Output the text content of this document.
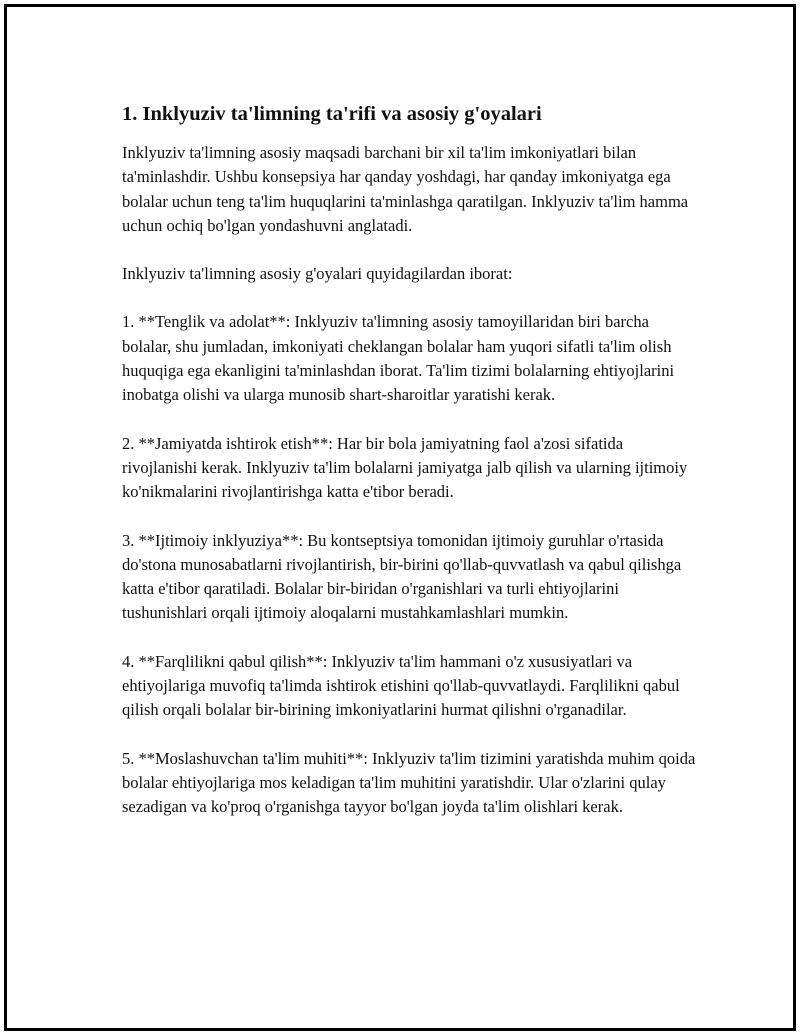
1. Inklyuziv ta'limning ta'rifi va asosiy g'oyalari

Inklyuziv ta'limning asosiy maqsadi barchani bir xil ta'lim imkoniyatlari bilan ta'minlashdir. Ushbu konsepsiya har qanday yoshdagi, har qanday imkoniyatga ega bolalar uchun teng ta'lim huquqlarini ta'minlashga qaratilgan. Inklyuziv ta'lim hamma uchun ochiq bo'lgan yondashuvni anglatadi.

Inklyuziv ta'limning asosiy g'oyalari quyidagilardan iborat:

1. **Tenglik va adolat**: Inklyuziv ta'limning asosiy tamoyillaridan biri barcha bolalar, shu jumladan, imkoniyati cheklangan bolalar ham yuqori sifatli ta'lim olish huquqiga ega ekanligini ta'minlashdan iborat. Ta'lim tizimi bolalarning ehtiyojlarini inobatga olishi va ularga munosib shart-sharoitlar yaratishi kerak.

2. **Jamiyatda ishtirok etish**: Har bir bola jamiyatning faol a'zosi sifatida rivojlanishi kerak. Inklyuziv ta'lim bolalarni jamiyatga jalb qilish va ularning ijtimoiy ko'nikmalarini rivojlantirishga katta e'tibor beradi.

3. **Ijtimoiy inklyuziya**: Bu kontseptsiya tomonidan ijtimoiy guruhlar o'rtasida do'stona munosabatlarni rivojlantirish, bir-birini qo'llab-quvvatlash va qabul qilishga katta e'tibor qaratiladi. Bolalar bir-biridan o'rganishlari va turli ehtiyojlarini tushunishlari orqali ijtimoiy aloqalarni mustahkamlashlari mumkin.

4. **Farqlilikni qabul qilish**: Inklyuziv ta'lim hammani o'z xususiyatlari va ehtiyojlariga muvofiq ta'limda ishtirok etishini qo'llab-quvvatlaydi. Farqlilikni qabul qilish orqali bolalar bir-birining imkoniyatlarini hurmat qilishni o'rganadilar.

5. **Moslashuvchan ta'lim muhiti**: Inklyuziv ta'lim tizimini yaratishda muhim qoida bolalar ehtiyojlariga mos keladigan ta'lim muhitini yaratishdir. Ular o'zlarini qulay sezadigan va ko'proq o'rganishga tayyor bo'lgan joyda ta'lim olishlari kerak.
